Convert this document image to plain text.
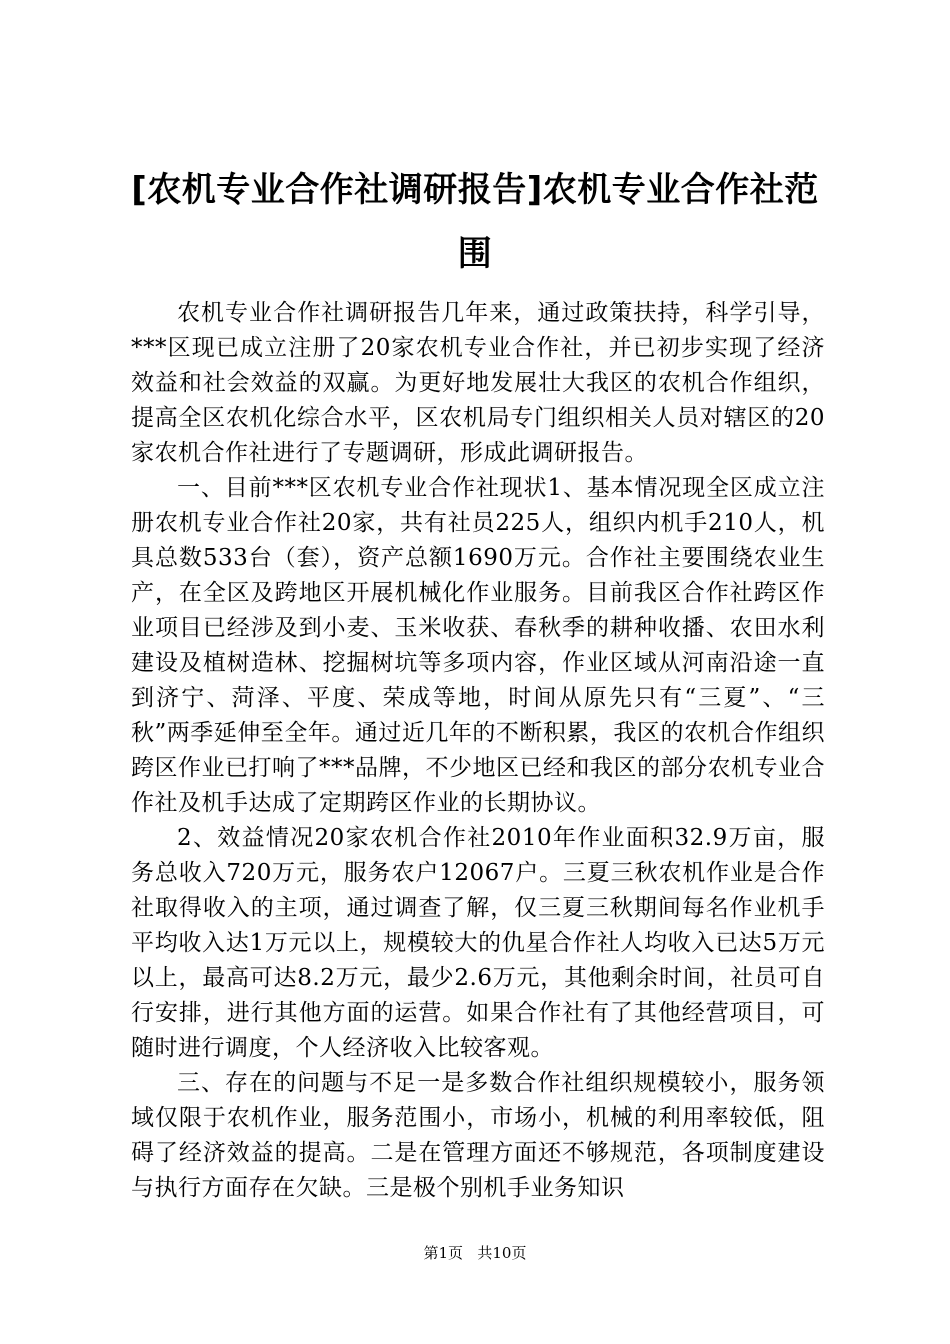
[农机专业合作社调研报告]农机专业合作社范围

农机专业合作社调研报告几年来，通过政策扶持，科学引导，***区现已成立注册了20家农机专业合作社，并已初步实现了经济效益和社会效益的双赢。为更好地发展壮大我区的农机合作组织，提高全区农机化综合水平，区农机局专门组织相关人员对辖区的20家农机合作社进行了专题调研，形成此调研报告。

一、目前***区农机专业合作社现状1、基本情况现全区成立注册农机专业合作社20家，共有社员225人，组织内机手210人，机具总数533台（套），资产总额1690万元。合作社主要围绕农业生产，在全区及跨地区开展机械化作业服务。目前我区合作社跨区作业项目已经涉及到小麦、玉米收获、春秋季的耕种收播、农田水利建设及植树造林、挖掘树坑等多项内容，作业区域从河南沿途一直到济宁、菏泽、平度、荣成等地，时间从原先只有“三夏”、“三秋”两季延伸至全年。通过近几年的不断积累，我区的农机合作组织跨区作业已打响了***品牌，不少地区已经和我区的部分农机专业合作社及机手达成了定期跨区作业的长期协议。

2、效益情况20家农机合作社2010年作业面积32.9万亩，服务总收入720万元，服务农户12067户。三夏三秋农机作业是合作社取得收入的主项，通过调查了解，仅三夏三秋期间每名作业机手平均收入达1万元以上，规模较大的仇星合作社人均收入已达5万元以上，最高可达8.2万元，最少2.6万元，其他剩余时间，社员可自行安排，进行其他方面的运营。如果合作社有了其他经营项目，可随时进行调度，个人经济收入比较客观。

三、存在的问题与不足一是多数合作社组织规模较小，服务领域仅限于农机作业，服务范围小，市场小，机械的利用率较低，阻碍了经济效益的提高。二是在管理方面还不够规范，各项制度建设与执行方面存在欠缺。三是极个别机手业务知识

第1页 共10页
